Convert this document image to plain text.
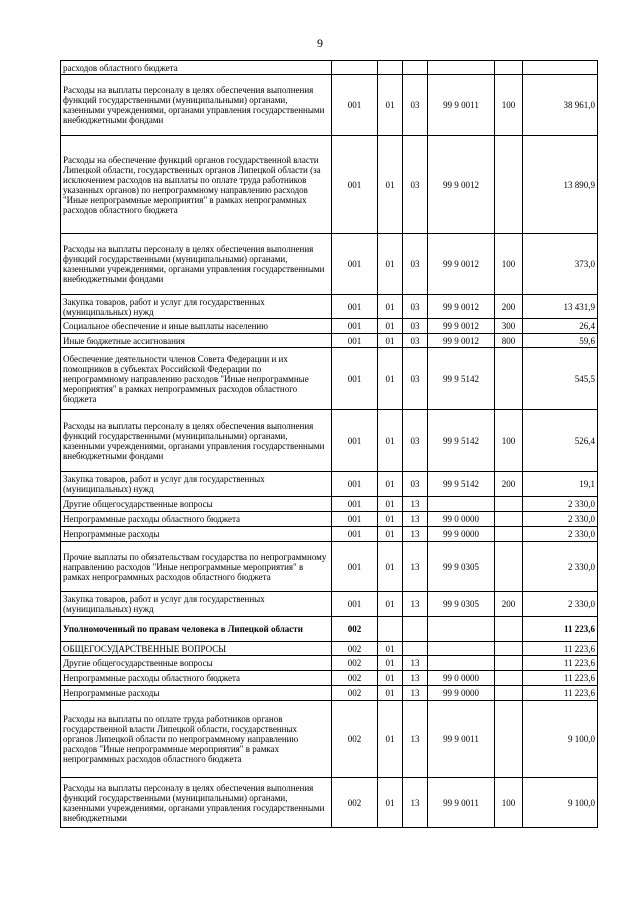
9
расходов областного бюджета						
Расходы на выплаты персоналу в целях обеспечения выполнения функций государственными (муниципальными) органами, казенными учреждениями, органами управления государственными внебюджетными фондами	001	01	03	99 9 0011	100	38 961,0
Расходы на обеспечение функций органов государственной власти Липецкой области, государственных органов Липецкой области (за исключением расходов на выплаты по оплате труда работников указанных органов) по непрограммному направлению расходов "Иные непрограммные мероприятия" в рамках непрограммных расходов областного бюджета	001	01	03	99 9 0012		13 890,9
Расходы на выплаты персоналу в целях обеспечения выполнения функций государственными (муниципальными) органами, казенными учреждениями, органами управления государственными внебюджетными фондами	001	01	03	99 9 0012	100	373,0
Закупка товаров, работ и услуг для государственных (муниципальных) нужд	001	01	03	99 9 0012	200	13 431,9
Социальное обеспечение и иные выплаты населению	001	01	03	99 9 0012	300	26,4
Иные бюджетные ассигнования	001	01	03	99 9 0012	800	59,6
Обеспечение деятельности членов Совета Федерации и их помощников в субъектах Российской Федерации по непрограммному направлению расходов "Иные непрограммные мероприятия" в рамках непрограммных расходов областного бюджета	001	01	03	99 9 5142		545,5
Расходы на выплаты персоналу в целях обеспечения выполнения функций государственными (муниципальными) органами, казенными учреждениями, органами управления государственными внебюджетными фондами	001	01	03	99 9 5142	100	526,4
Закупка товаров, работ и услуг для государственных (муниципальных) нужд	001	01	03	99 9 5142	200	19,1
Другие общегосударственные вопросы	001	01	13			2 330,0
Непрограммные расходы областного бюджета	001	01	13	99 0 0000		2 330,0
Непрограммные расходы	001	01	13	99 9 0000		2 330,0
Прочие выплаты по обязательствам государства по непрограммному направлению расходов "Иные непрограммные мероприятия" в рамках непрограммных расходов областного бюджета	001	01	13	99 9 0305		2 330,0
Закупка товаров, работ и услуг для государственных (муниципальных) нужд	001	01	13	99 9 0305	200	2 330,0
Уполномоченный по правам человека в Липецкой области	002					11 223,6
ОБЩЕГОСУДАРСТВЕННЫЕ ВОПРОСЫ	002	01				11 223,6
Другие общегосударственные вопросы	002	01	13			11 223,6
Непрограммные расходы областного бюджета	002	01	13	99 0 0000		11 223,6
Непрограммные расходы	002	01	13	99 9 0000		11 223,6
Расходы на выплаты по оплате труда работников органов государственной власти Липецкой области, государственных органов Липецкой области по непрограммному направлению расходов "Иные непрограммные мероприятия" в рамках непрограммных расходов областного бюджета	002	01	13	99 9 0011		9 100,0
Расходы на выплаты персоналу в целях обеспечения выполнения функций государственными (муниципальными) органами, казенными учреждениями, органами управления государственными внебюджетными	002	01	13	99 9 0011	100	9 100,0
